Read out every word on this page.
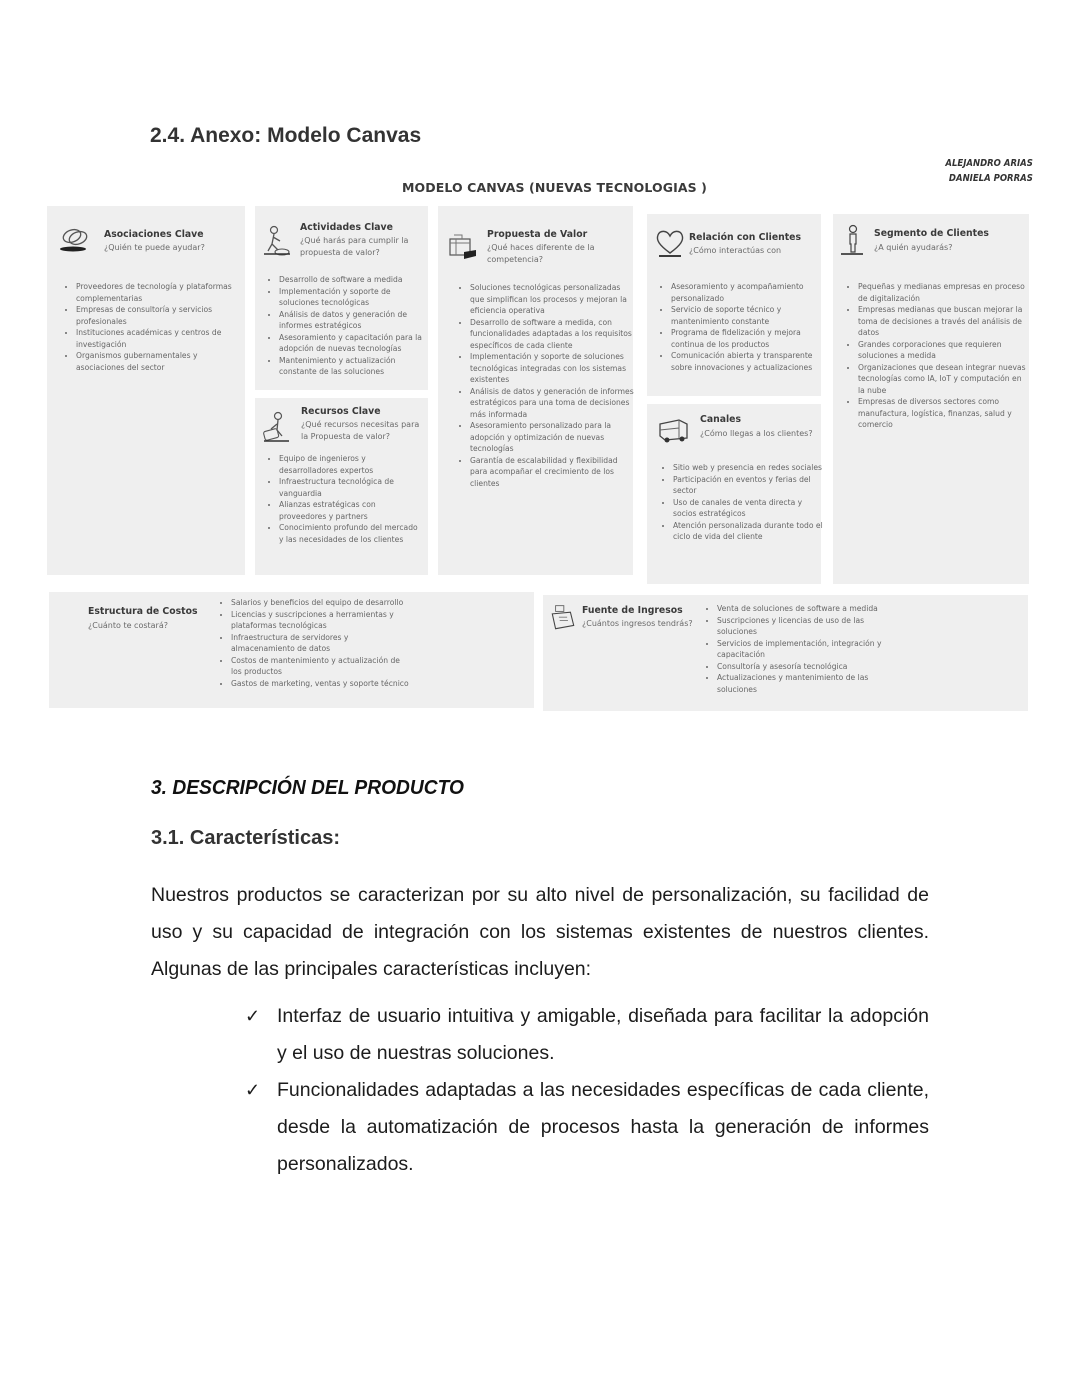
2.4. Anexo: Modelo Canvas
MODELO CANVAS (NUEVAS TECNOLOGIAS )
ALEJANDRO ARIAS
DANIELA PORRAS
Asociaciones Clave
¿Quién te puede ayudar?
• Proveedores de tecnología y plataformas complementarias
• Empresas de consultoría y servicios profesionales
• Instituciones académicas y centros de investigación
• Organismos gubernamentales y asociaciones del sector
Actividades Clave
¿Qué harás para cumplir la propuesta de valor?
• Desarrollo de software a medida
• Implementación y soporte de soluciones tecnológicas
• Análisis de datos y generación de informes estratégicos
• Asesoramiento y capacitación para la adopción de nuevas tecnologías
• Mantenimiento y actualización constante de las soluciones
Recursos Clave
¿Qué recursos necesitas para la Propuesta de valor?
• Equipo de ingenieros y desarrolladores expertos
• Infraestructura tecnológica de vanguardia
• Alianzas estratégicas con proveedores y partners
• Conocimiento profundo del mercado y las necesidades de los clientes
Propuesta de Valor
¿Qué haces diferente de la competencia?
• Soluciones tecnológicas personalizadas que simplifican los procesos y mejoran la eficiencia operativa
• Desarrollo de software a medida, con funcionalidades adaptadas a los requisitos específicos de cada cliente
• Implementación y soporte de soluciones tecnológicas integradas con los sistemas existentes
• Análisis de datos y generación de informes estratégicos para una toma de decisiones más informada
• Asesoramiento personalizado para la adopción y optimización de nuevas tecnologías
• Garantía de escalabilidad y flexibilidad para acompañar el crecimiento de los clientes
Relación con Clientes
¿Cómo interactúas con
• Asesoramiento y acompañamiento personalizado
• Servicio de soporte técnico y mantenimiento constante
• Programa de fidelización y mejora continua de los productos
• Comunicación abierta y transparente sobre innovaciones y actualizaciones
Canales
¿Cómo llegas a los clientes?
• Sitio web y presencia en redes sociales
• Participación en eventos y ferias del sector
• Uso de canales de venta directa y socios estratégicos
• Atención personalizada durante todo el ciclo de vida del cliente
Segmento de Clientes
¿A quién ayudarás?
• Pequeñas y medianas empresas en proceso de digitalización
• Empresas medianas que buscan mejorar la toma de decisiones a través del análisis de datos
• Grandes corporaciones que requieren soluciones a medida
• Organizaciones que desean integrar nuevas tecnologías como IA, IoT y computación en la nube
• Empresas de diversos sectores como manufactura, logística, finanzas, salud y comercio
Estructura de Costos
¿Cuánto te costará?
• Salarios y beneficios del equipo de desarrollo
• Licencias y suscripciones a herramientas y plataformas tecnológicas
• Infraestructura de servidores y almacenamiento de datos
• Costos de mantenimiento y actualización de los productos
• Gastos de marketing, ventas y soporte técnico
Fuente de Ingresos
¿Cuántos ingresos tendrás?
• Venta de soluciones de software a medida
• Suscripciones y licencias de uso de las soluciones
• Servicios de implementación, integración y capacitación
• Consultoría y asesoría tecnológica
• Actualizaciones y mantenimiento de las soluciones
3. DESCRIPCIÓN DEL PRODUCTO
3.1. Características:
Nuestros productos se caracterizan por su alto nivel de personalización, su facilidad de uso y su capacidad de integración con los sistemas existentes de nuestros clientes. Algunas de las principales características incluyen:
✓ Interfaz de usuario intuitiva y amigable, diseñada para facilitar la adopción y el uso de nuestras soluciones.
✓ Funcionalidades adaptadas a las necesidades específicas de cada cliente, desde la automatización de procesos hasta la generación de informes personalizados.
